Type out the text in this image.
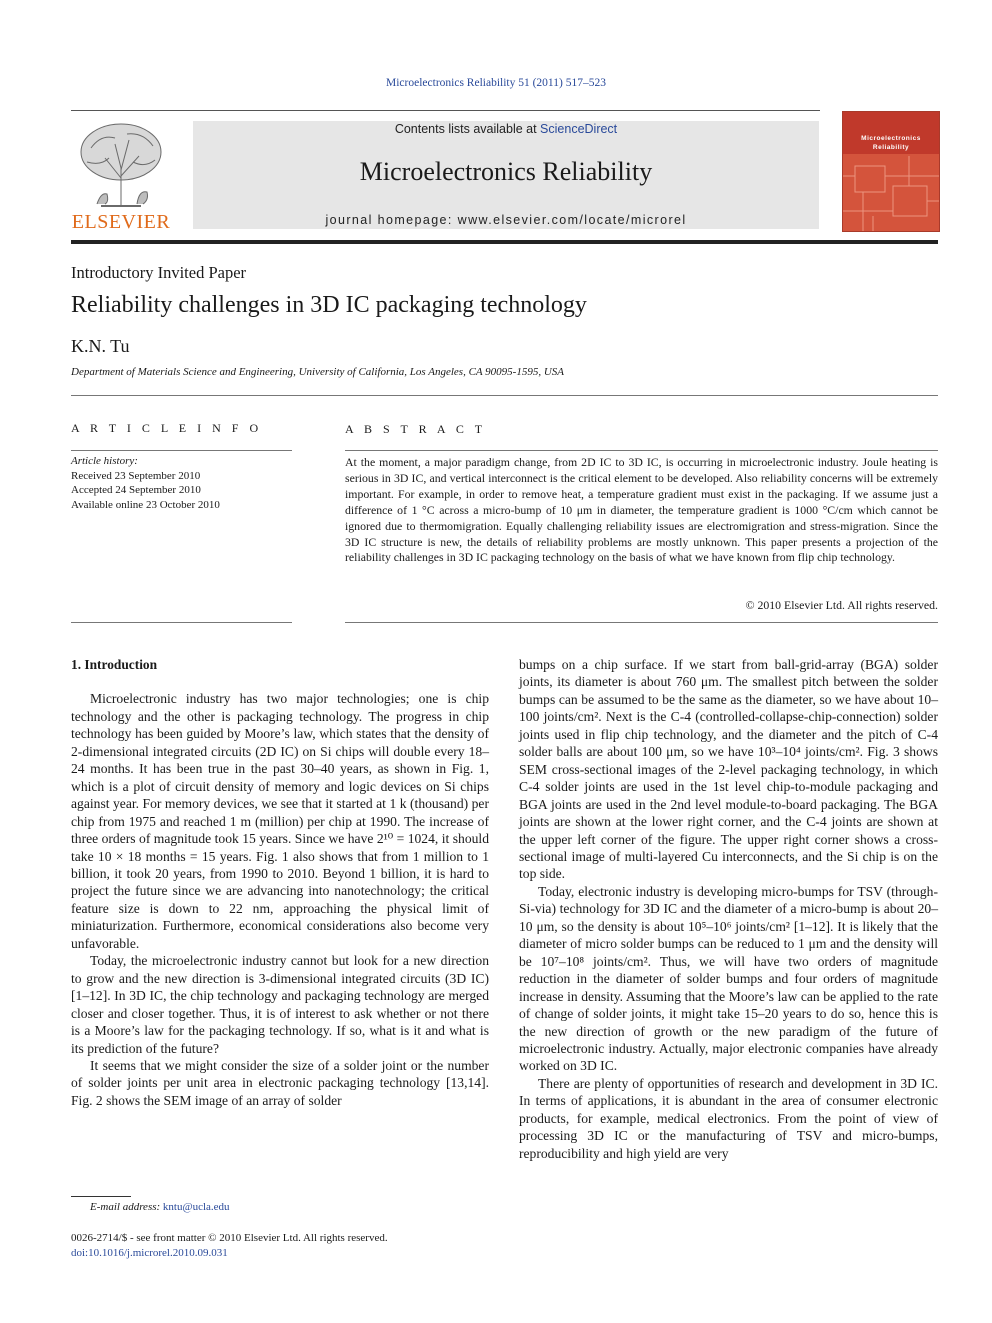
Microelectronics Reliability 51 (2011) 517–523
ELSEVIER
Contents lists available at ScienceDirect
Microelectronics Reliability
journal homepage: www.elsevier.com/locate/microrel
Microelectronics
Reliability
Introductory Invited Paper
Reliability challenges in 3D IC packaging technology
K.N. Tu
Department of Materials Science and Engineering, University of California, Los Angeles, CA 90095-1595, USA
A R T I C L E I N F O	A B S T R A C T
Article history:
Received 23 September 2010
Accepted 24 September 2010
Available online 23 October 2010
At the moment, a major paradigm change, from 2D IC to 3D IC, is occurring in microelectronic industry. Joule heating is serious in 3D IC, and vertical interconnect is the critical element to be developed. Also reliability concerns will be extremely important. For example, in order to remove heat, a temperature gradient must exist in the packaging. If we assume just a difference of 1 °C across a micro-bump of 10 μm in diameter, the temperature gradient is 1000 °C/cm which cannot be ignored due to thermomigration. Equally challenging reliability issues are electromigration and stress-migration. Since the 3D IC structure is new, the details of reliability problems are mostly unknown. This paper presents a projection of the reliability challenges in 3D IC packaging technology on the basis of what we have known from flip chip technology.
© 2010 Elsevier Ltd. All rights reserved.

1. Introduction

Microelectronic industry has two major technologies; one is chip technology and the other is packaging technology. The progress in chip technology has been guided by Moore’s law, which states that the density of 2-dimensional integrated circuits (2D IC) on Si chips will double every 18–24 months. It has been true in the past 30–40 years, as shown in Fig. 1, which is a plot of circuit density of memory and logic devices on Si chips against year. For memory devices, we see that it started at 1 k (thousand) per chip from 1975 and reached 1 m (million) per chip at 1990. The increase of three orders of magnitude took 15 years. Since we have 2¹⁰ = 1024, it should take 10 × 18 months = 15 years. Fig. 1 also shows that from 1 million to 1 billion, it took 20 years, from 1990 to 2010. Beyond 1 billion, it is hard to project the future since we are advancing into nanotechnology; the critical feature size is down to 22 nm, approaching the physical limit of miniaturization. Furthermore, economical considerations also become very unfavorable.

Today, the microelectronic industry cannot but look for a new direction to grow and the new direction is 3-dimensional integrated circuits (3D IC) [1–12]. In 3D IC, the chip technology and packaging technology are merged closer and closer together. Thus, it is of interest to ask whether or not there is a Moore’s law for the packaging technology. If so, what is it and what is its prediction of the future?

It seems that we might consider the size of a solder joint or the number of solder joints per unit area in electronic packaging technology [13,14]. Fig. 2 shows the SEM image of an array of solder

bumps on a chip surface. If we start from ball-grid-array (BGA) solder joints, its diameter is about 760 μm. The smallest pitch between the solder bumps can be assumed to be the same as the diameter, so we have about 10–100 joints/cm². Next is the C-4 (controlled-collapse-chip-connection) solder joints used in flip chip technology, and the diameter and the pitch of C-4 solder balls are about 100 μm, so we have 10³–10⁴ joints/cm². Fig. 3 shows SEM cross-sectional images of the 2-level packaging technology, in which C-4 solder joints are used in the 1st level chip-to-module packaging and BGA joints are used in the 2nd level module-to-board packaging. The BGA joints are shown at the lower right corner, and the C-4 joints are shown at the upper left corner of the figure. The upper right corner shows a cross-sectional image of multi-layered Cu interconnects, and the Si chip is on the top side.

Today, electronic industry is developing micro-bumps for TSV (through-Si-via) technology for 3D IC and the diameter of a micro-bump is about 20–10 μm, so the density is about 10⁵–10⁶ joints/cm² [1–12]. It is likely that the diameter of micro solder bumps can be reduced to 1 μm and the density will be 10⁷–10⁸ joints/cm². Thus, we will have two orders of magnitude reduction in the diameter of solder bumps and four orders of magnitude increase in density. Assuming that the Moore’s law can be applied to the rate of change of solder joints, it might take 15–20 years to do so, hence this is the new direction of growth or the new paradigm of the future of microelectronic industry. Actually, major electronic companies have already worked on 3D IC.

There are plenty of opportunities of research and development in 3D IC. In terms of applications, it is abundant in the area of consumer electronic products, for example, medical electronics. From the point of view of processing 3D IC or the manufacturing of TSV and micro-bumps, reproducibility and high yield are very

E-mail address: kntu@ucla.edu
0026-2714/$ - see front matter © 2010 Elsevier Ltd. All rights reserved.
doi:10.1016/j.microrel.2010.09.031
